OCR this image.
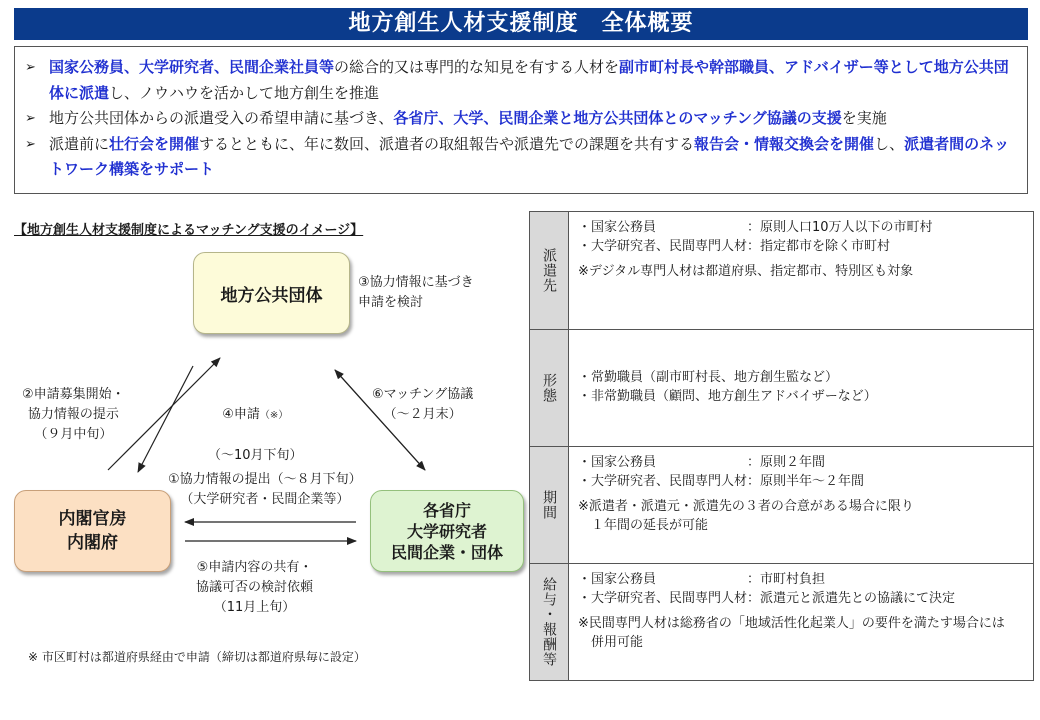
地方創生人材支援制度　全体概要
➢ 国家公務員、大学研究者、民間企業社員等の総合的又は専門的な知見を有する人材を副市町村長や幹部職員、アドバイザー等として地方公共団体に派遣し、ノウハウを活かして地方創生を推進
➢ 地方公共団体からの派遣受入の希望申請に基づき、各省庁、大学、民間企業と地方公共団体とのマッチング協議の支援を実施
➢ 派遣前に壮行会を開催するとともに、年に数回、派遣者の取組報告や派遣先での課題を共有する報告会・情報交換会を開催し、派遣者間のネットワーク構築をサポート
【地方創生人材支援制度によるマッチング支援のイメージ】
地方公共団体
内閣官房
内閣府
各省庁
大学研究者
民間企業・団体
③協力情報に基づき
申請を検討
②申請募集開始・
協力情報の提示
（９月中旬）

④申請（※）

（～10月下旬）

⑥マッチング協議
（～２月末）
①協力情報の提出（～８月下旬）
（大学研究者・民間企業等）
⑤申請内容の共有・
協議可否の検討依頼
（11月上旬）
※ 市区町村は都道府県経由で申請（締切は都道府県毎に設定）
派遣先
・国家公務員　　　　　　　：原則人口10万人以下の市町村
・大学研究者、民間専門人材：指定都市を除く市町村
※デジタル専門人材は都道府県、指定都市、特別区も対象
形態 ・常勤職員（副市町村長、地方創生監など）
・非常勤職員（顧問、地方創生アドバイザーなど）
期間
・国家公務員　　　　　　　：原則２年間
・大学研究者、民間専門人材：原則半年～２年間
※派遣者・派遣元・派遣先の３者の合意がある場合に限り
　１年間の延長が可能
給与・報酬等 ・国家公務員　　　　　　　：市町村負担
・大学研究者、民間専門人材：派遣元と派遣先との協議にて決定
※民間専門人材は総務省の「地域活性化起業人」の要件を満たす場合には
　併用可能
